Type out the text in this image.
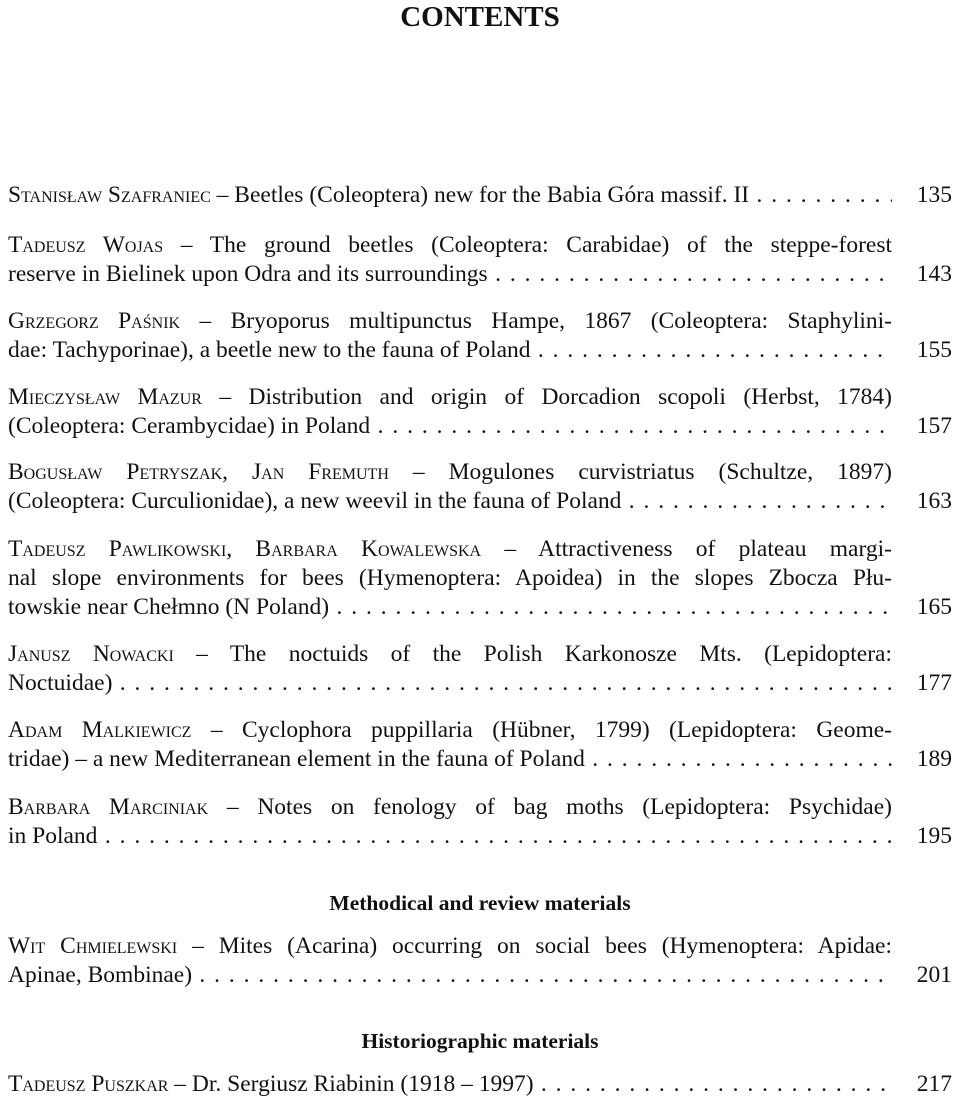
CONTENTS
Stanisław Szafraniec – Beetles (Coleoptera) new for the Babia Góra massif. II . . .	135
Tadeusz Wojas – The ground beetles (Coleoptera: Carabidae) of the steppe-forest
reserve in Bielinek upon Odra and its surroundings . . .	143
Grzegorz Paśnik – Bryoporus multipunctus Hampe, 1867 (Coleoptera: Staphylini-
dae: Tachyporinae), a beetle new to the fauna of Poland . . .	155
Mieczysław Mazur – Distribution and origin of Dorcadion scopoli (Herbst, 1784)
(Coleoptera: Cerambycidae) in Poland . . .	157
Bogusław Petryszak, Jan Fremuth – Mogulones curvistriatus (Schultze, 1897)
(Coleoptera: Curculionidae), a new weevil in the fauna of Poland . . .	163
Tadeusz Pawlikowski, Barbara Kowalewska – Attractiveness of plateau margi-
nal slope environments for bees (Hymenoptera: Apoidea) in the slopes Zbocza Płu-
towskie near Chełmno (N Poland) . . .	165
Janusz Nowacki – The noctuids of the Polish Karkonosze Mts. (Lepidoptera:
Noctuidae) . . .	177
Adam Malkiewicz – Cyclophora puppillaria (Hübner, 1799) (Lepidoptera: Geome-
tridae) – a new Mediterranean element in the fauna of Poland . . .	189
Barbara Marciniak – Notes on fenology of bag moths (Lepidoptera: Psychidae)
in Poland . . .	195
Methodical and review materials
Wit Chmielewski – Mites (Acarina) occurring on social bees (Hymenoptera: Apidae:
Apinae, Bombinae) . . .	201
Historiographic materials
Tadeusz Puszkar – Dr. Sergiusz Riabinin (1918 – 1997) . . .	217
